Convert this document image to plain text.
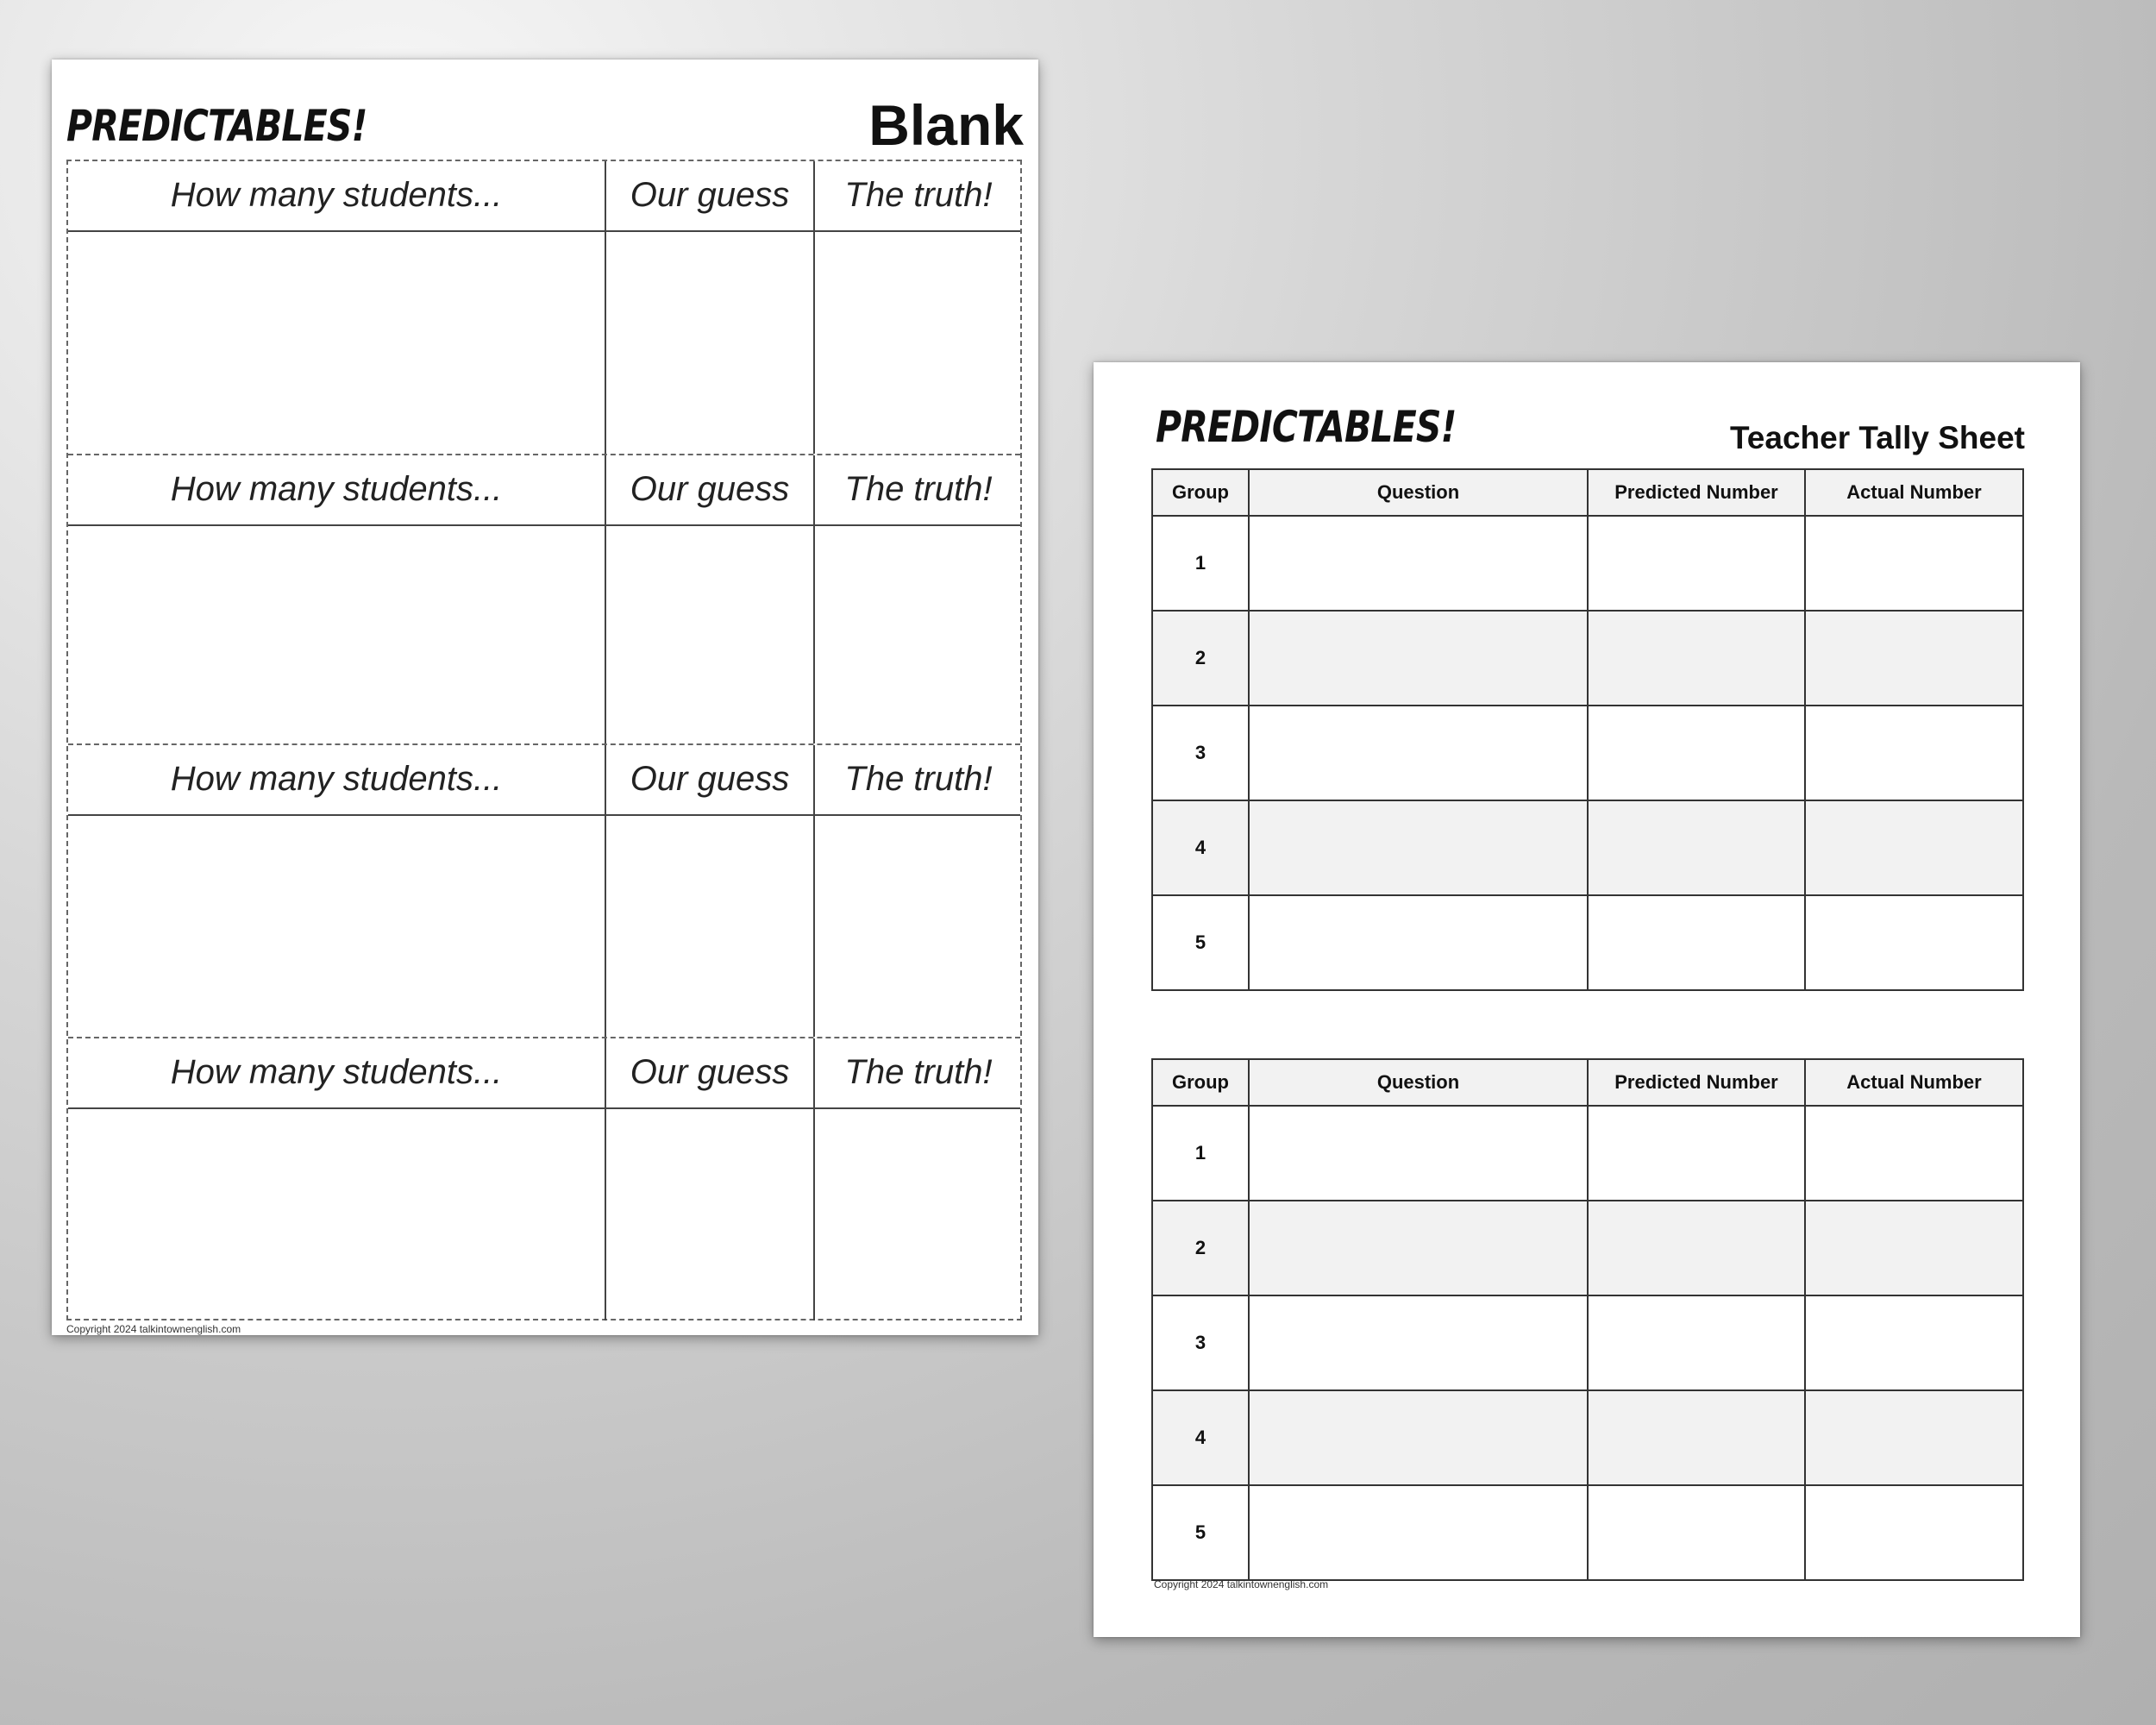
PREDICTABLES!	Blank
How many students...	Our guess	The truth!
How many students...	Our guess	The truth!
How many students...	Our guess	The truth!
How many students...	Our guess	The truth!
Copyright 2024 talkintownenglish.com
PREDICTABLES!	Teacher Tally Sheet
Group	Question	Predicted Number	Actual Number
1			
2			
3			
4			
5			
Group	Question	Predicted Number	Actual Number
1			
2			
3			
4			
5			
Copyright 2024 talkintownenglish.com
